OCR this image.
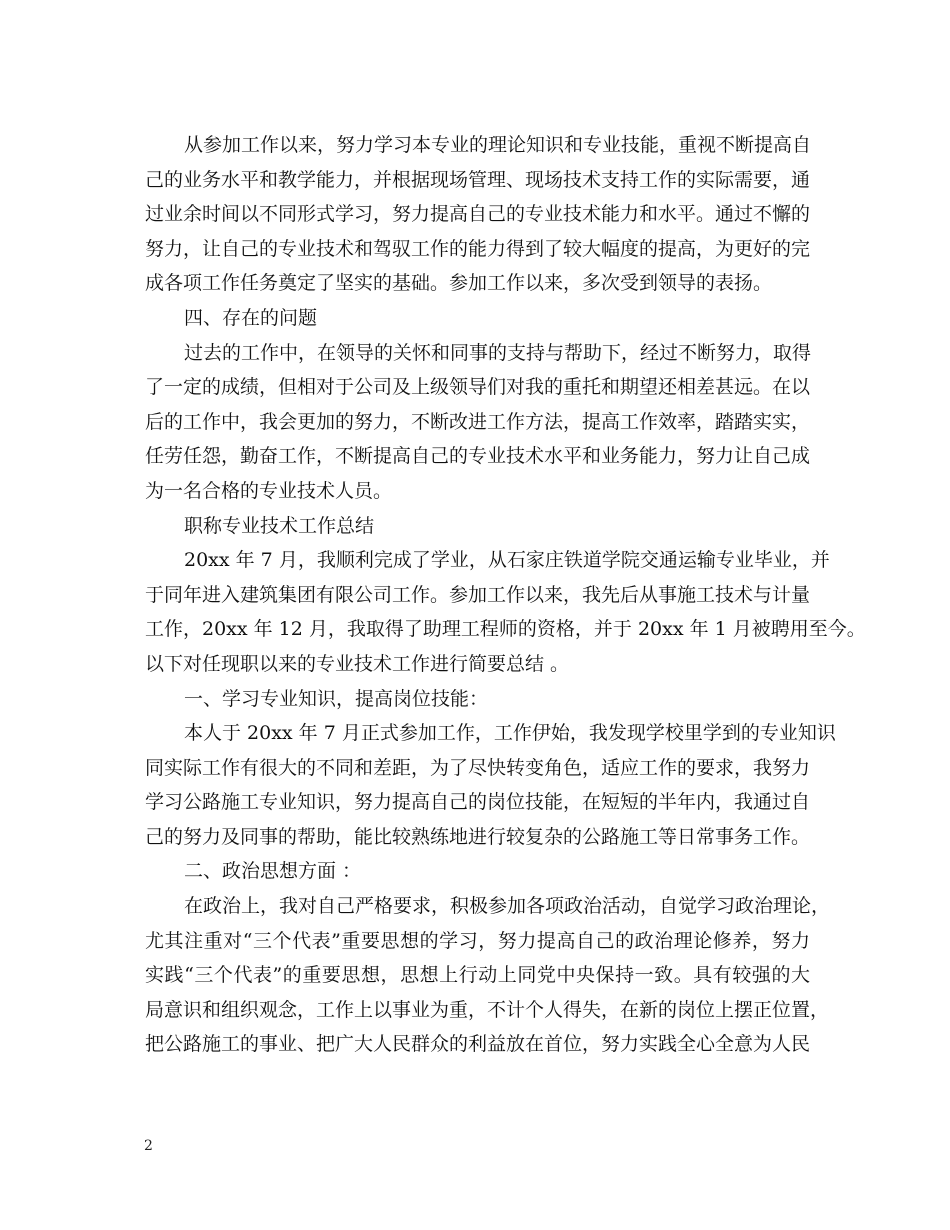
从参加工作以来，努力学习本专业的理论知识和专业技能，重视不断提高自
己的业务水平和教学能力，并根据现场管理、现场技术支持工作的实际需要，通
过业余时间以不同形式学习，努力提高自己的专业技术能力和水平。通过不懈的
努力，让自己的专业技术和驾驭工作的能力得到了较大幅度的提高，为更好的完
成各项工作任务奠定了坚实的基础。参加工作以来，多次受到领导的表扬。
四、存在的问题
过去的工作中，在领导的关怀和同事的支持与帮助下，经过不断努力，取得
了一定的成绩，但相对于公司及上级领导们对我的重托和期望还相差甚远。在以
后的工作中，我会更加的努力，不断改进工作方法，提高工作效率，踏踏实实，
任劳任怨，勤奋工作，不断提高自己的专业技术水平和业务能力，努力让自己成
为一名合格的专业技术人员。
职称专业技术工作总结
20xx 年 7 月，我顺利完成了学业，从石家庄铁道学院交通运输专业毕业，并
于同年进入建筑集团有限公司工作。参加工作以来，我先后从事施工技术与计量
工作，20xx 年 12 月，我取得了助理工程师的资格，并于 20xx 年 1 月被聘用至今。
以下对任现职以来的专业技术工作进行简要总结 。
一、学习专业知识，提高岗位技能：
本人于 20xx 年 7 月正式参加工作，工作伊始，我发现学校里学到的专业知识
同实际工作有很大的不同和差距，为了尽快转变角色，适应工作的要求，我努力
学习公路施工专业知识，努力提高自己的岗位技能，在短短的半年内，我通过自
己的努力及同事的帮助，能比较熟练地进行较复杂的公路施工等日常事务工作。
二、政治思想方面 ：
在政治上，我对自己严格要求，积极参加各项政治活动，自觉学习政治理论，
尤其注重对“三个代表”重要思想的学习，努力提高自己的政治理论修养，努力
实践“三个代表”的重要思想，思想上行动上同党中央保持一致。具有较强的大
局意识和组织观念，工作上以事业为重，不计个人得失，在新的岗位上摆正位置，
把公路施工的事业、把广大人民群众的利益放在首位，努力实践全心全意为人民
2
